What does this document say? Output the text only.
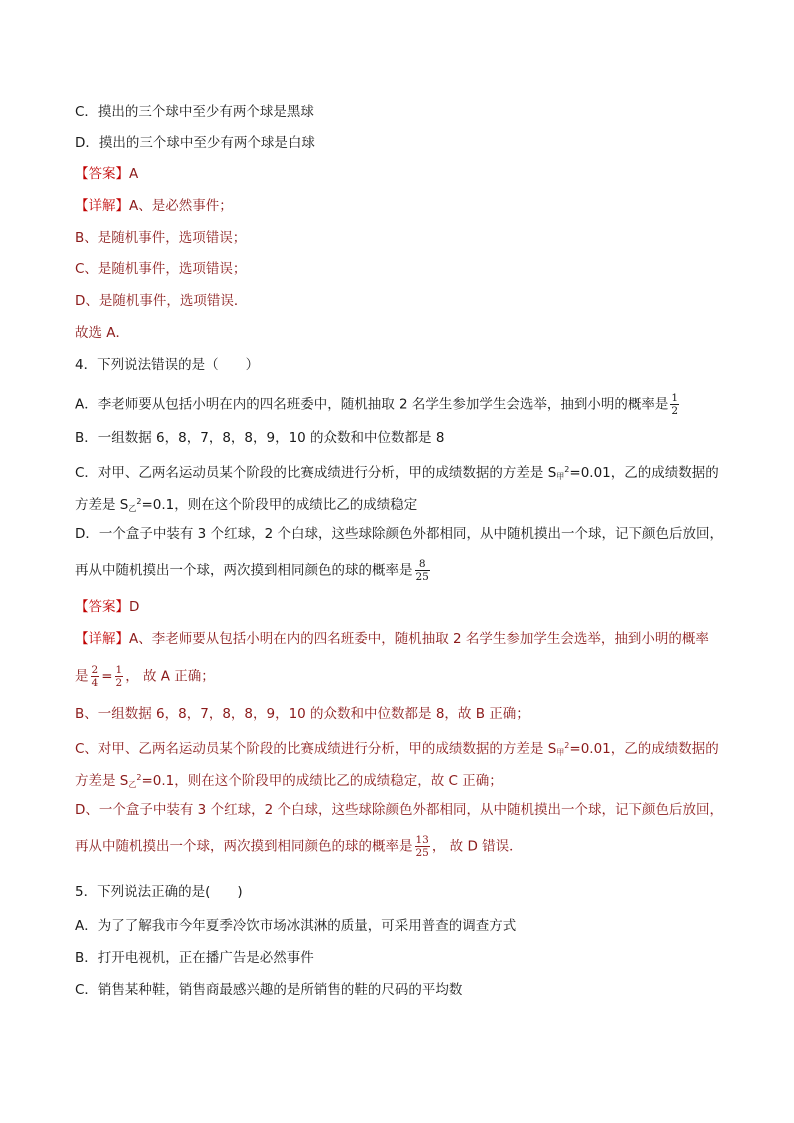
C．摸出的三个球中至少有两个球是黑球
D．摸出的三个球中至少有两个球是白球
【答案】A
【详解】A、是必然事件；
B、是随机事件，选项错误；
C、是随机事件，选项错误；
D、是随机事件，选项错误．
故选 A．
4．下列说法错误的是（　　）
A．李老师要从包括小明在内的四名班委中，随机抽取 2 名学生参加学生会选举，抽到小明的概率是 $\frac{1}{2}$
B．一组数据 6，8，7，8，8，9，10 的众数和中位数都是 8
C．对甲、乙两名运动员某个阶段的比赛成绩进行分析，甲的成绩数据的方差是 $S_甲^2=0.01$，乙的成绩数据的
方差是 $S_乙^2=0.1$，则在这个阶段甲的成绩比乙的成绩稳定
D．一个盒子中装有 3 个红球，2 个白球，这些球除颜色外都相同，从中随机摸出一个球，记下颜色后放回，
再从中随机摸出一个球，两次摸到相同颜色的球的概率是 $\frac{8}{25}$
【答案】D
【详解】A、李老师要从包括小明在内的四名班委中，随机抽取 2 名学生参加学生会选举，抽到小明的概率
是 $\frac{2}{4} = \frac{1}{2}$ ， 故 A 正确；
B、一组数据 6，8，7，8，8，9，10 的众数和中位数都是 8，故 B 正确；
C、对甲、乙两名运动员某个阶段的比赛成绩进行分析，甲的成绩数据的方差是 $S_甲^2=0.01$，乙的成绩数据的
方差是 $S_乙^2=0.1$，则在这个阶段甲的成绩比乙的成绩稳定，故 C 正确；
D、一个盒子中装有 3 个红球，2 个白球，这些球除颜色外都相同，从中随机摸出一个球，记下颜色后放回，
再从中随机摸出一个球，两次摸到相同颜色的球的概率是 $\frac{13}{25}$ ， 故 D 错误．
5．下列说法正确的是(　　)
A．为了了解我市今年夏季冷饮市场冰淇淋的质量，可采用普查的调查方式
B．打开电视机，正在播广告是必然事件
C．销售某种鞋，销售商最感兴趣的是所销售的鞋的尺码的平均数
